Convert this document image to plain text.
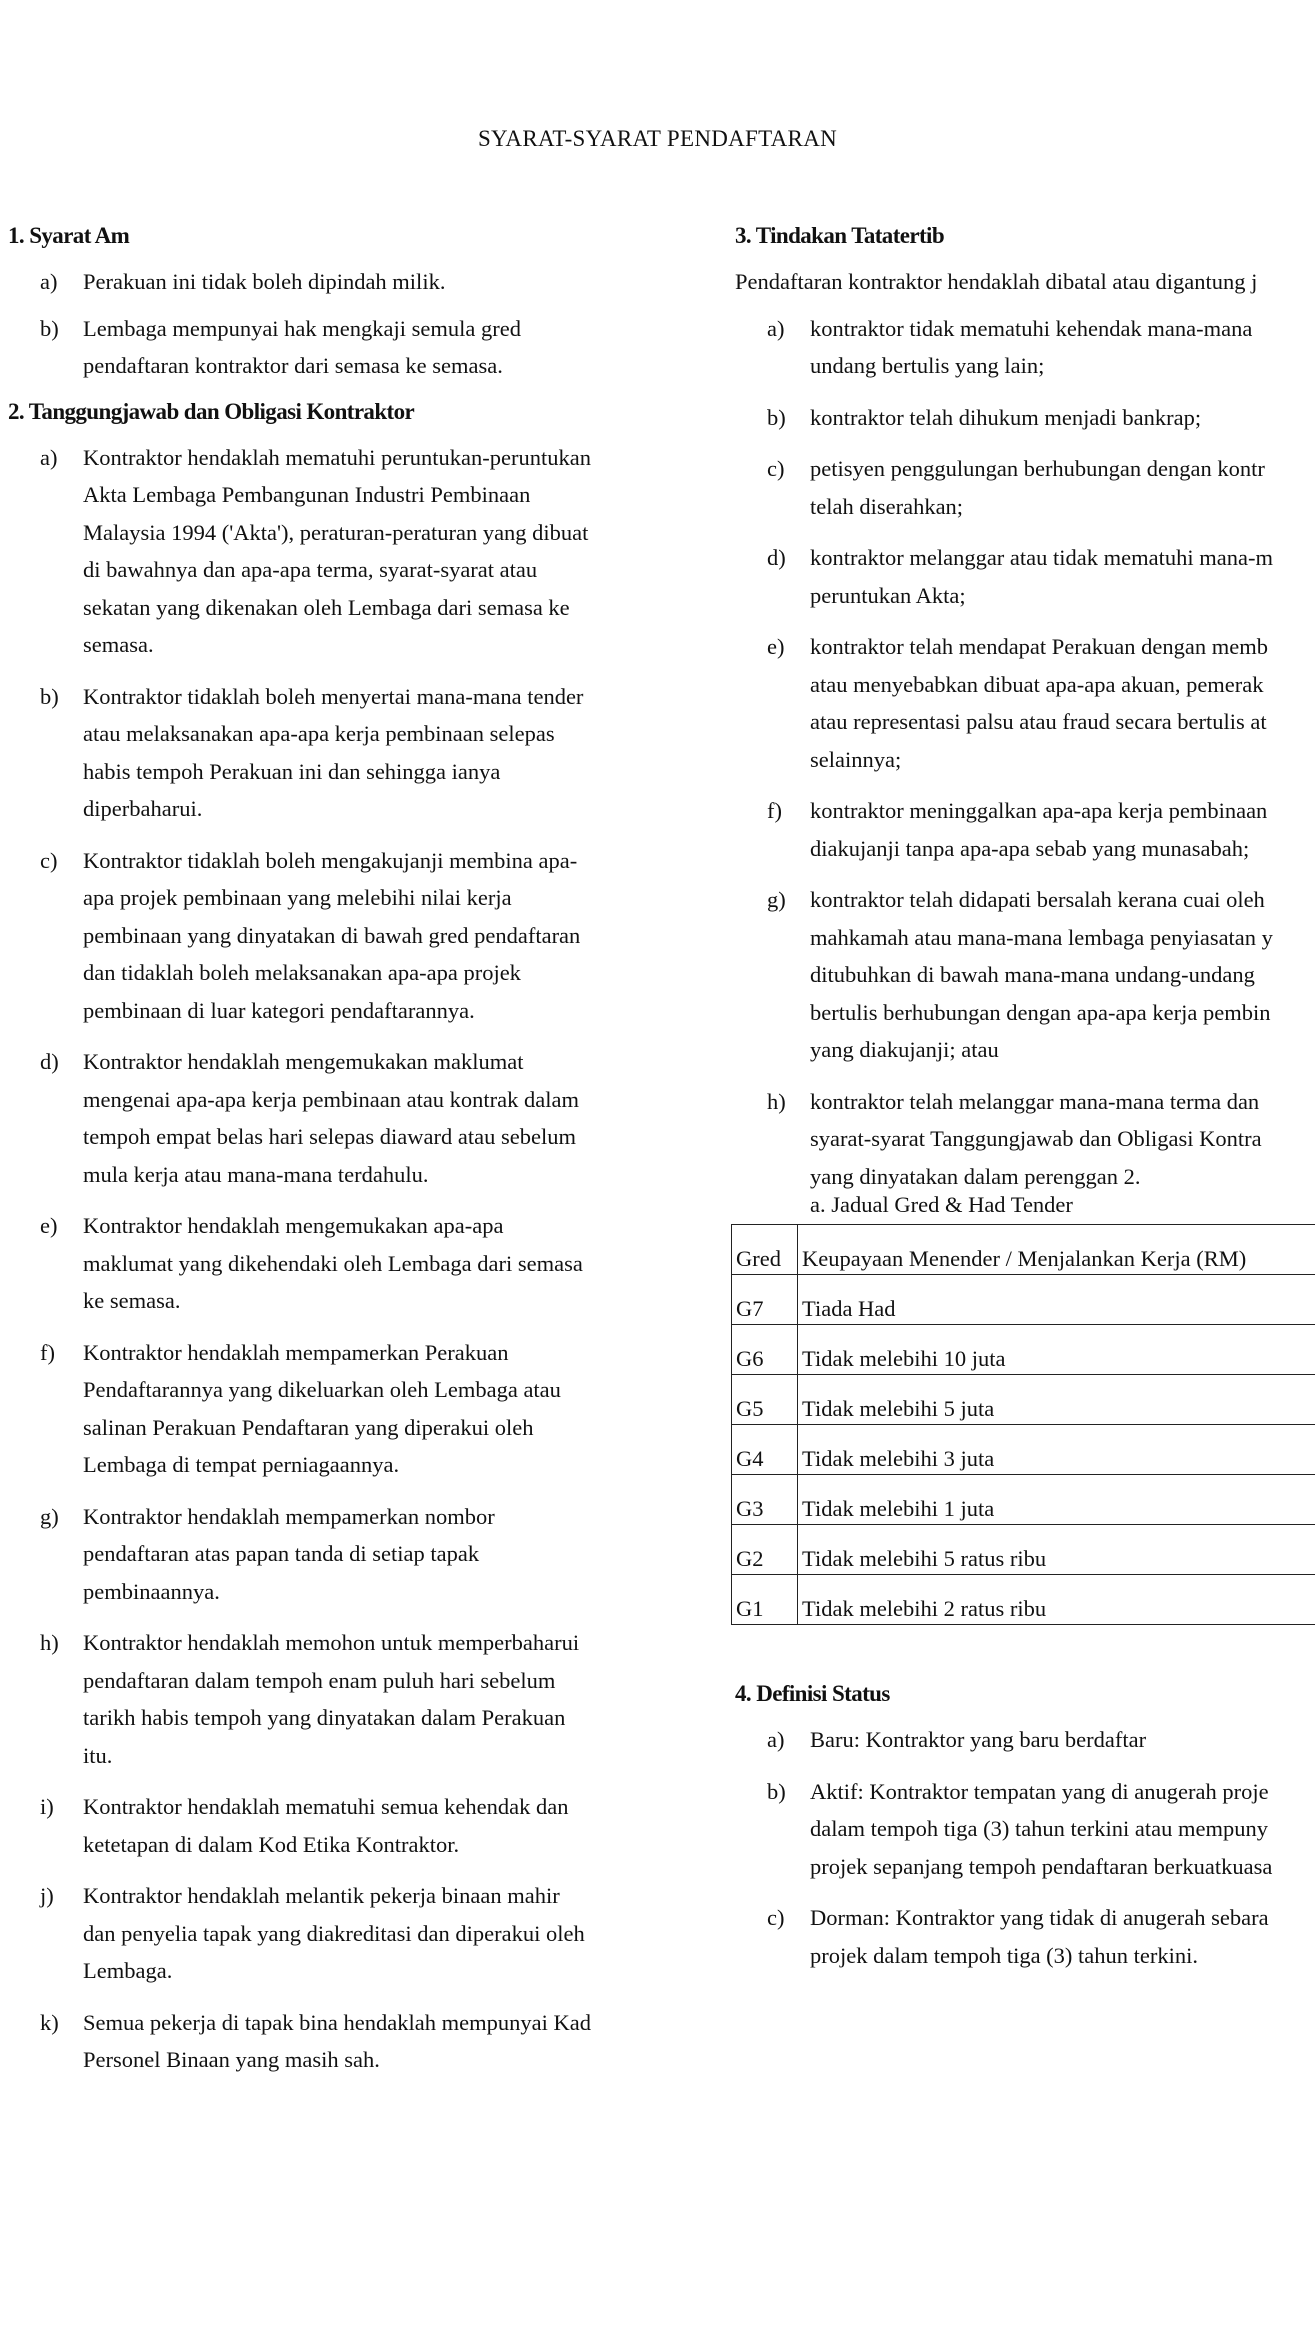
SYARAT-SYARAT PENDAFTARAN
1. Syarat Am
a)	Perakuan ini tidak boleh dipindah milik.
b)	Lembaga mempunyai hak mengkaji semula gred
pendaftaran kontraktor dari semasa ke semasa.
2. Tanggungjawab dan Obligasi Kontraktor
a)	Kontraktor hendaklah mematuhi peruntukan-peruntukan
Akta Lembaga Pembangunan Industri Pembinaan
Malaysia 1994 ('Akta'), peraturan-peraturan yang dibuat
di bawahnya dan apa-apa terma, syarat-syarat atau
sekatan yang dikenakan oleh Lembaga dari semasa ke
semasa.
b)	Kontraktor tidaklah boleh menyertai mana-mana tender
atau melaksanakan apa-apa kerja pembinaan selepas
habis tempoh Perakuan ini dan sehingga ianya
diperbaharui.
c)	Kontraktor tidaklah boleh mengakujanji membina apa-
apa projek pembinaan yang melebihi nilai kerja
pembinaan yang dinyatakan di bawah gred pendaftaran
dan tidaklah boleh melaksanakan apa-apa projek
pembinaan di luar kategori pendaftarannya.
d)	Kontraktor hendaklah mengemukakan maklumat
mengenai apa-apa kerja pembinaan atau kontrak dalam
tempoh empat belas hari selepas diaward atau sebelum
mula kerja atau mana-mana terdahulu.
e)	Kontraktor hendaklah mengemukakan apa-apa
maklumat yang dikehendaki oleh Lembaga dari semasa
ke semasa.
f)	Kontraktor hendaklah mempamerkan Perakuan
Pendaftarannya yang dikeluarkan oleh Lembaga atau
salinan Perakuan Pendaftaran yang diperakui oleh
Lembaga di tempat perniagaannya.
g)	Kontraktor hendaklah mempamerkan nombor
pendaftaran atas papan tanda di setiap tapak
pembinaannya.
h)	Kontraktor hendaklah memohon untuk memperbaharui
pendaftaran dalam tempoh enam puluh hari sebelum
tarikh habis tempoh yang dinyatakan dalam Perakuan
itu.
i)	Kontraktor hendaklah mematuhi semua kehendak dan
ketetapan di dalam Kod Etika Kontraktor.
j)	Kontraktor hendaklah melantik pekerja binaan mahir
dan penyelia tapak yang diakreditasi dan diperakui oleh
Lembaga.
k)	Semua pekerja di tapak bina hendaklah mempunyai Kad
Personel Binaan yang masih sah.
3. Tindakan Tatatertib
Pendaftaran kontraktor hendaklah dibatal atau digantung j
a)	kontraktor tidak mematuhi kehendak mana-mana
undang bertulis yang lain;
b)	kontraktor telah dihukum menjadi bankrap;
c)	petisyen penggulungan berhubungan dengan kontr
telah diserahkan;
d)	kontraktor melanggar atau tidak mematuhi mana-m
peruntukan Akta;
e)	kontraktor telah mendapat Perakuan dengan memb
atau menyebabkan dibuat apa-apa akuan, pemerak
atau representasi palsu atau fraud secara bertulis at
selainnya;
f)	kontraktor meninggalkan apa-apa kerja pembinaan
diakujanji tanpa apa-apa sebab yang munasabah;
g)	kontraktor telah didapati bersalah kerana cuai oleh
mahkamah atau mana-mana lembaga penyiasatan y
ditubuhkan di bawah mana-mana undang-undang
bertulis berhubungan dengan apa-apa kerja pembin
yang diakujanji; atau
h)	kontraktor telah melanggar mana-mana terma dan
syarat-syarat Tanggungjawab dan Obligasi Kontra
yang dinyatakan dalam perenggan 2.
a. Jadual Gred & Had Tender
Gred	Keupayaan Menender / Menjalankan Kerja (RM)
G7	Tiada Had
G6	Tidak melebihi 10 juta
G5	Tidak melebihi 5 juta
G4	Tidak melebihi 3 juta
G3	Tidak melebihi 1 juta
G2	Tidak melebihi 5 ratus ribu
G1	Tidak melebihi 2 ratus ribu
4. Definisi Status
a)	Baru: Kontraktor yang baru berdaftar
b)	Aktif: Kontraktor tempatan yang di anugerah proje
dalam tempoh tiga (3) tahun terkini atau mempuny
projek sepanjang tempoh pendaftaran berkuatkuasa
c)	Dorman: Kontraktor yang tidak di anugerah sebara
projek dalam tempoh tiga (3) tahun terkini.
